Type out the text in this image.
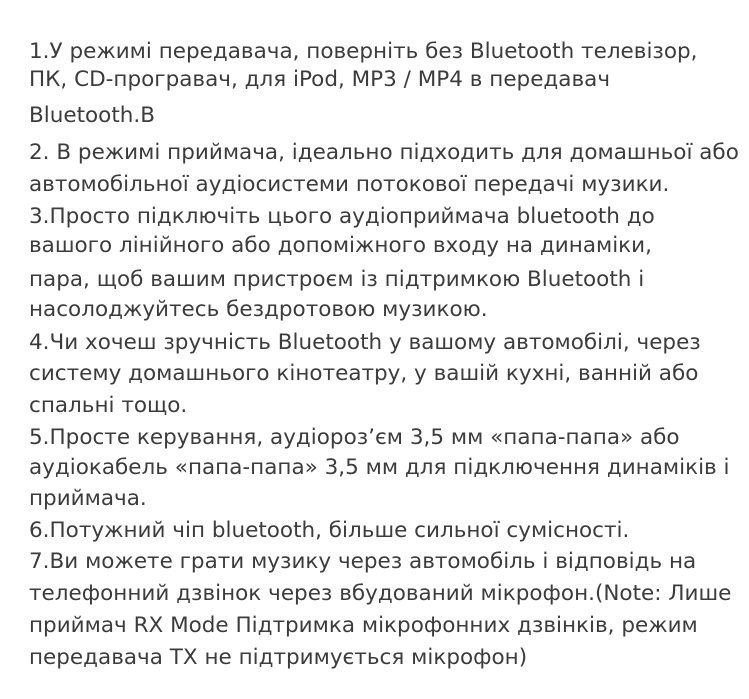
1.У режимі передавача, поверніть без Bluetooth телевізор,
ПК, CD-програвач, для iPod, MP3 / MP4 в передавач
Bluetooth.В
2. В режимі приймача, ідеально підходить для домашньої або
автомобільної аудіосистеми потокової передачі музики.
3.Просто підключіть цього аудіоприймача bluetooth до
вашого лінійного або допоміжного входу на динаміки,
пара, щоб вашим пристроєм із підтримкою Bluetooth і
насолоджуйтесь бездротовою музикою.
4.Чи хочеш зручність Bluetooth у вашому автомобілі, через
систему домашнього кінотеатру, у вашій кухні, ванній або
спальні тощо.
5.Просте керування, аудіороз’єм 3,5 мм «папа-папа» або
аудіокабель «папа-папа» 3,5 мм для підключення динаміків і
приймача.
6.Потужний чіп bluetooth, більше сильної сумісності.
7.Ви можете грати музику через автомобіль і відповідь на
телефонний дзвінок через вбудований мікрофон.(Note: Лише
приймач RX Mode Підтримка мікрофонних дзвінків, режим
передавача TX не підтримується мікрофон)
